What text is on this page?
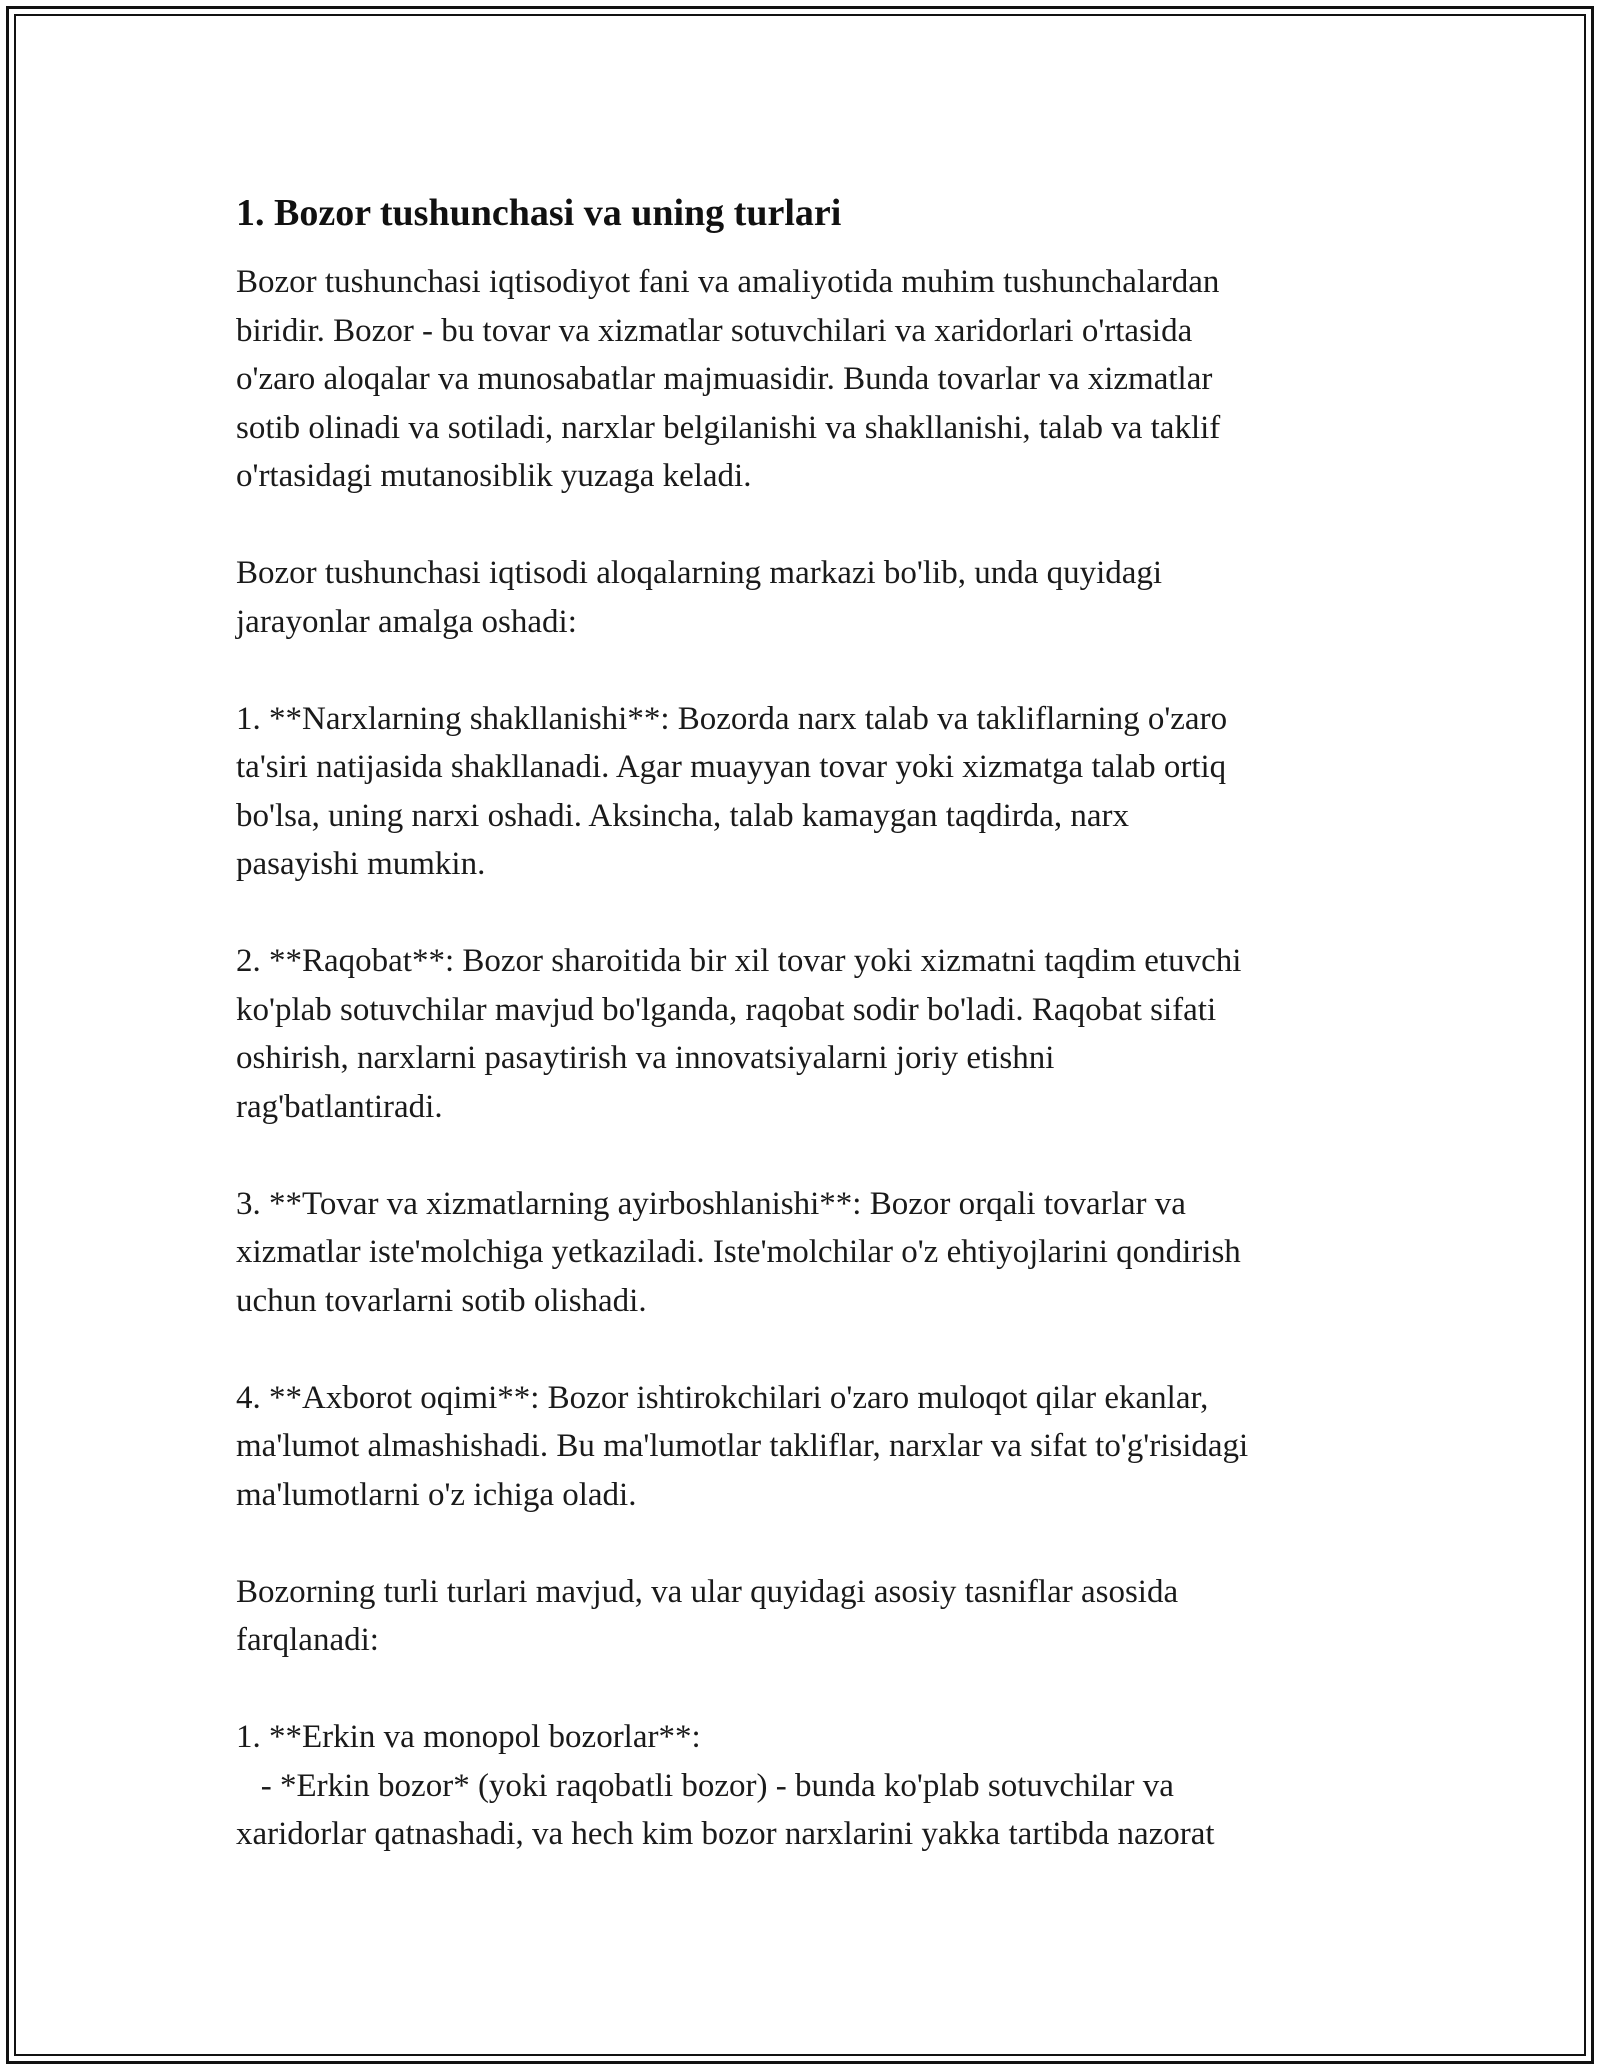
1. Bozor tushunchasi va uning turlari

Bozor tushunchasi iqtisodiyot fani va amaliyotida muhim tushunchalardan
biridir. Bozor - bu tovar va xizmatlar sotuvchilari va xaridorlari o'rtasida
o'zaro aloqalar va munosabatlar majmuasidir. Bunda tovarlar va xizmatlar
sotib olinadi va sotiladi, narxlar belgilanishi va shakllanishi, talab va taklif
o'rtasidagi mutanosiblik yuzaga keladi.

Bozor tushunchasi iqtisodi aloqalarning markazi bo'lib, unda quyidagi
jarayonlar amalga oshadi:

1. **Narxlarning shakllanishi**: Bozorda narx talab va takliflarning o'zaro
ta'siri natijasida shakllanadi. Agar muayyan tovar yoki xizmatga talab ortiq
bo'lsa, uning narxi oshadi. Aksincha, talab kamaygan taqdirda, narx
pasayishi mumkin.

2. **Raqobat**: Bozor sharoitida bir xil tovar yoki xizmatni taqdim etuvchi
ko'plab sotuvchilar mavjud bo'lganda, raqobat sodir bo'ladi. Raqobat sifati
oshirish, narxlarni pasaytirish va innovatsiyalarni joriy etishni
rag'batlantiradi.

3. **Tovar va xizmatlarning ayirboshlanishi**: Bozor orqali tovarlar va
xizmatlar iste'molchiga yetkaziladi. Iste'molchilar o'z ehtiyojlarini qondirish
uchun tovarlarni sotib olishadi.

4. **Axborot oqimi**: Bozor ishtirokchilari o'zaro muloqot qilar ekanlar,
ma'lumot almashishadi. Bu ma'lumotlar takliflar, narxlar va sifat to'g'risidagi
ma'lumotlarni o'z ichiga oladi.

Bozorning turli turlari mavjud, va ular quyidagi asosiy tasniflar asosida
farqlanadi:

1. **Erkin va monopol bozorlar**:
- *Erkin bozor* (yoki raqobatli bozor) - bunda ko'plab sotuvchilar va
xaridorlar qatnashadi, va hech kim bozor narxlarini yakka tartibda nazorat
